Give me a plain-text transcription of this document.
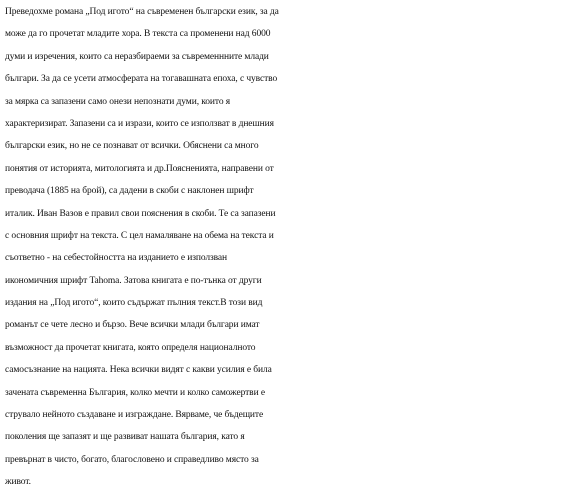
Преведохме романа „Под игото“ на съвременен български език, за да
може да го прочетат младите хора. В текста са променени над 6000
думи и изречения, които са неразбираеми за съвременнните млади
българи. За да се усети атмосферата на тогавашната епоха, с чувство
за мярка са запазени само онези непознати думи, които я
характеризират. Запазени са и изрази, които се използват в днешния
български език, но не се познават от всички. Обяснени са много
понятия от историята, митологията и др.Поясненията, направени от
преводача (1885 на брой), са дадени в скоби с наклонен шрифт
италик. Иван Вазов е правил свои пояснения в скоби. Те са запазени
с основния шрифт на текста. С цел намаляване на обема на текста и
съответно - на себестойността на изданието е използван
икономичния шрифт Tahoma. Затова книгата е по-тънка от други
издания на „Под игото“, които съдържат пълния текст.В този вид
романът се чете лесно и бързо. Вече всички млади българи имат
възможност да прочетат книгата, която определя националното
самосъзнание на нацията. Нека всички видят с какви усилия е била
заченатa съвременна България, колко мечти и колко саможертви е
струвало нейното създаване и изграждане. Вярваме, че бъдещите
поколения ще запазят и ще развиват нашата българия, като я
превърнат в чисто, богато, благословено и справедливо място за
живот.
